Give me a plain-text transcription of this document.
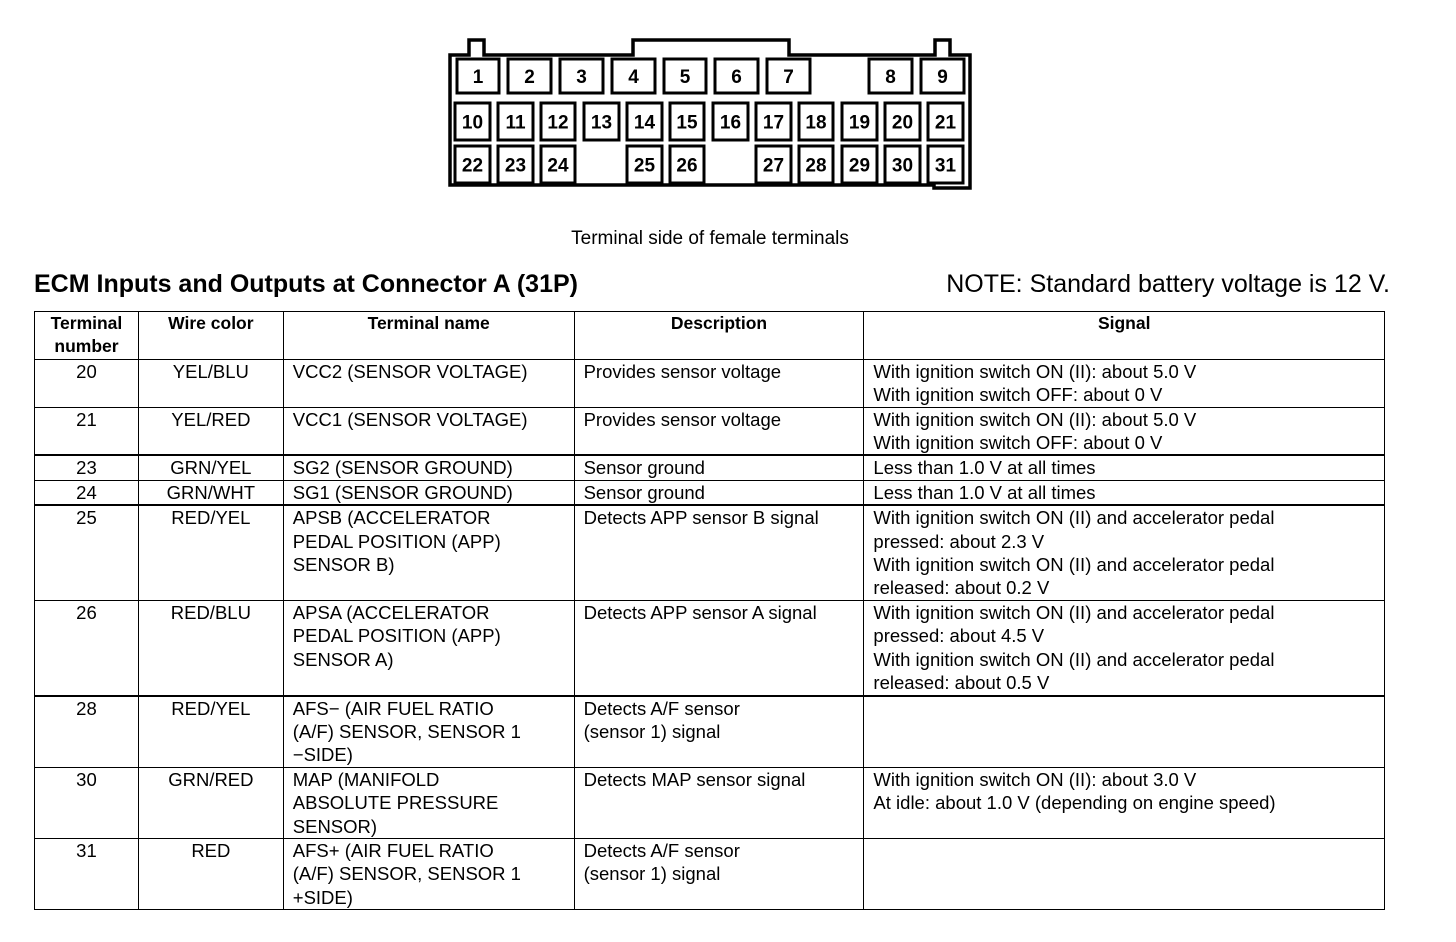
1 2 3 4 5 6 7	8 9
10 11 12 13 14 15 16 17 18 19 20 21
22 23 24	25 26	27 28 29 30 31
Terminal side of female terminals
ECM Inputs and Outputs at Connector A (31P)	NOTE: Standard battery voltage is 12 V.
Terminal
number	Wire color	Terminal name	Description	Signal
20	YEL/BLU	VCC2 (SENSOR VOLTAGE)	Provides sensor voltage	With ignition switch ON (II): about 5.0 V
With ignition switch OFF: about 0 V

21	YEL/RED	VCC1 (SENSOR VOLTAGE)	Provides sensor voltage	With ignition switch ON (II): about 5.0 V
With ignition switch OFF: about 0 V

23	GRN/YEL	SG2 (SENSOR GROUND)	Sensor ground	Less than 1.0 V at all times

24	GRN/WHT	SG1 (SENSOR GROUND)	Sensor ground	Less than 1.0 V at all times

25	RED/YEL	APSB (ACCELERATOR
PEDAL POSITION (APP)
SENSOR B)	Detects APP sensor B signal	With ignition switch ON (II) and accelerator pedal
pressed: about 2.3 V
With ignition switch ON (II) and accelerator pedal
released: about 0.2 V

26	RED/BLU	APSA (ACCELERATOR
PEDAL POSITION (APP)
SENSOR A)	Detects APP sensor A signal	With ignition switch ON (II) and accelerator pedal
pressed: about 4.5 V
With ignition switch ON (II) and accelerator pedal
released: about 0.5 V

28	RED/YEL	AFS− (AIR FUEL RATIO
(A/F) SENSOR, SENSOR 1
−SIDE)	Detects A/F sensor
(sensor 1) signal	

30	GRN/RED	MAP (MANIFOLD
ABSOLUTE PRESSURE
SENSOR)	Detects MAP sensor signal	With ignition switch ON (II): about 3.0 V
At idle: about 1.0 V (depending on engine speed)

31	RED	AFS+ (AIR FUEL RATIO
(A/F) SENSOR, SENSOR 1
+SIDE)	Detects A/F sensor
(sensor 1) signal	
